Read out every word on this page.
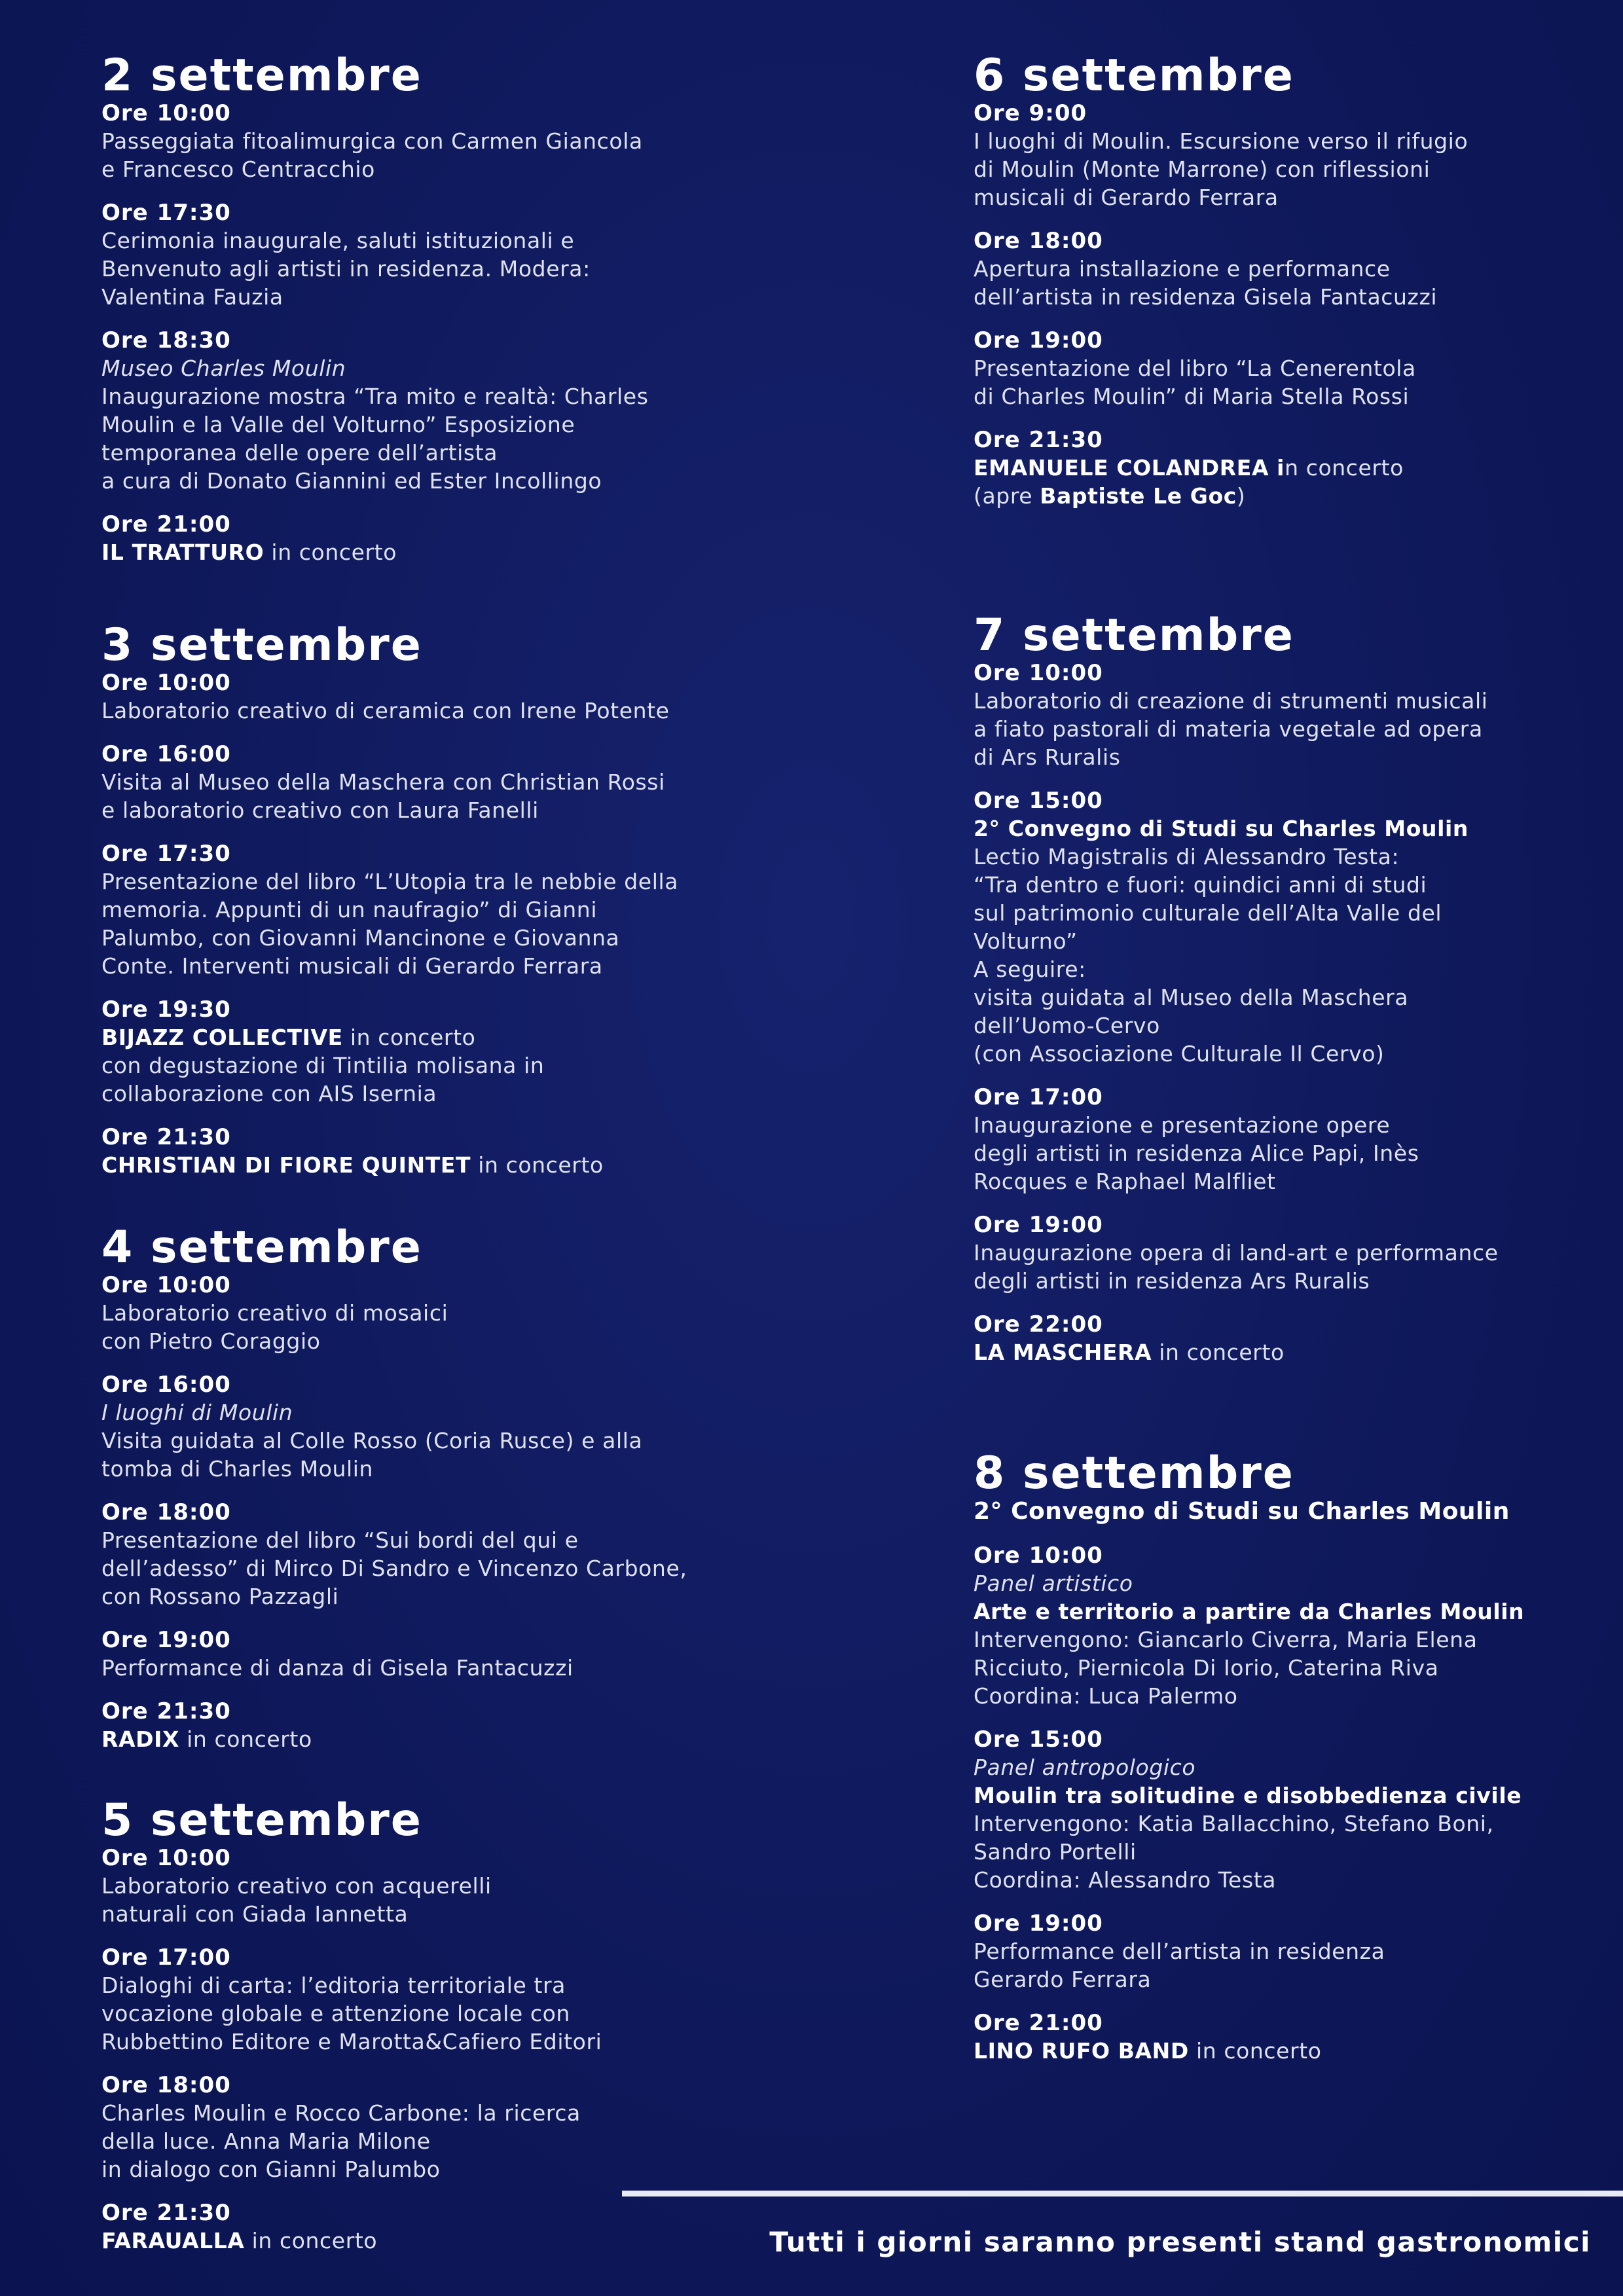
2 settembre
Ore 10:00
Passeggiata fitoalimurgica con Carmen Giancola
e Francesco Centracchio
Ore 17:30
Cerimonia inaugurale, saluti istituzionali e
Benvenuto agli artisti in residenza. Modera:
Valentina Fauzia
Ore 18:30
Museo Charles Moulin
Inaugurazione mostra “Tra mito e realtà: Charles
Moulin e la Valle del Volturno” Esposizione
temporanea delle opere dell’artista
a cura di Donato Giannini ed Ester Incollingo
Ore 21:00
IL TRATTURO in concerto
3 settembre
Ore 10:00
Laboratorio creativo di ceramica con Irene Potente
Ore 16:00
Visita al Museo della Maschera con Christian Rossi
e laboratorio creativo con Laura Fanelli
Ore 17:30
Presentazione del libro “L’Utopia tra le nebbie della
memoria. Appunti di un naufragio” di Gianni
Palumbo, con Giovanni Mancinone e Giovanna
Conte. Interventi musicali di Gerardo Ferrara
Ore 19:30
BIJAZZ COLLECTIVE in concerto
con degustazione di Tintilia molisana in
collaborazione con AIS Isernia
Ore 21:30
CHRISTIAN DI FIORE QUINTET in concerto
4 settembre
Ore 10:00
Laboratorio creativo di mosaici
con Pietro Coraggio
Ore 16:00
I luoghi di Moulin
Visita guidata al Colle Rosso (Coria Rusce) e alla
tomba di Charles Moulin
Ore 18:00
Presentazione del libro “Sui bordi del qui e
dell’adesso” di Mirco Di Sandro e Vincenzo Carbone,
con Rossano Pazzagli
Ore 19:00
Performance di danza di Gisela Fantacuzzi
Ore 21:30
RADIX in concerto
5 settembre
Ore 10:00
Laboratorio creativo con acquerelli
naturali con Giada Iannetta
Ore 17:00
Dialoghi di carta: l’editoria territoriale tra
vocazione globale e attenzione locale con
Rubbettino Editore e Marotta&Cafiero Editori
Ore 18:00
Charles Moulin e Rocco Carbone: la ricerca
della luce. Anna Maria Milone
in dialogo con Gianni Palumbo
Ore 21:30
FARAUALLA in concerto
6 settembre
Ore 9:00
I luoghi di Moulin. Escursione verso il rifugio
di Moulin (Monte Marrone) con riflessioni
musicali di Gerardo Ferrara
Ore 18:00
Apertura installazione e performance
dell’artista in residenza Gisela Fantacuzzi
Ore 19:00
Presentazione del libro “La Cenerentola
di Charles Moulin” di Maria Stella Rossi
Ore 21:30
EMANUELE COLANDREA in concerto
(apre Baptiste Le Goc)
7 settembre
Ore 10:00
Laboratorio di creazione di strumenti musicali
a fiato pastorali di materia vegetale ad opera
di Ars Ruralis
Ore 15:00
2° Convegno di Studi su Charles Moulin
Lectio Magistralis di Alessandro Testa:
“Tra dentro e fuori: quindici anni di studi
sul patrimonio culturale dell’Alta Valle del
Volturno”
A seguire:
visita guidata al Museo della Maschera
dell’Uomo-Cervo
(con Associazione Culturale Il Cervo)
Ore 17:00
Inaugurazione e presentazione opere
degli artisti in residenza Alice Papi, Inès
Rocques e Raphael Malfliet
Ore 19:00
Inaugurazione opera di land-art e performance
degli artisti in residenza Ars Ruralis
Ore 22:00
LA MASCHERA in concerto
8 settembre
2° Convegno di Studi su Charles Moulin
Ore 10:00
Panel artistico
Arte e territorio a partire da Charles Moulin
Intervengono: Giancarlo Civerra, Maria Elena
Ricciuto, Piernicola Di Iorio, Caterina Riva
Coordina: Luca Palermo
Ore 15:00
Panel antropologico
Moulin tra solitudine e disobbedienza civile
Intervengono: Katia Ballacchino, Stefano Boni,
Sandro Portelli
Coordina: Alessandro Testa
Ore 19:00
Performance dell’artista in residenza
Gerardo Ferrara
Ore 21:00
LINO RUFO BAND in concerto
Tutti i giorni saranno presenti stand gastronomici
